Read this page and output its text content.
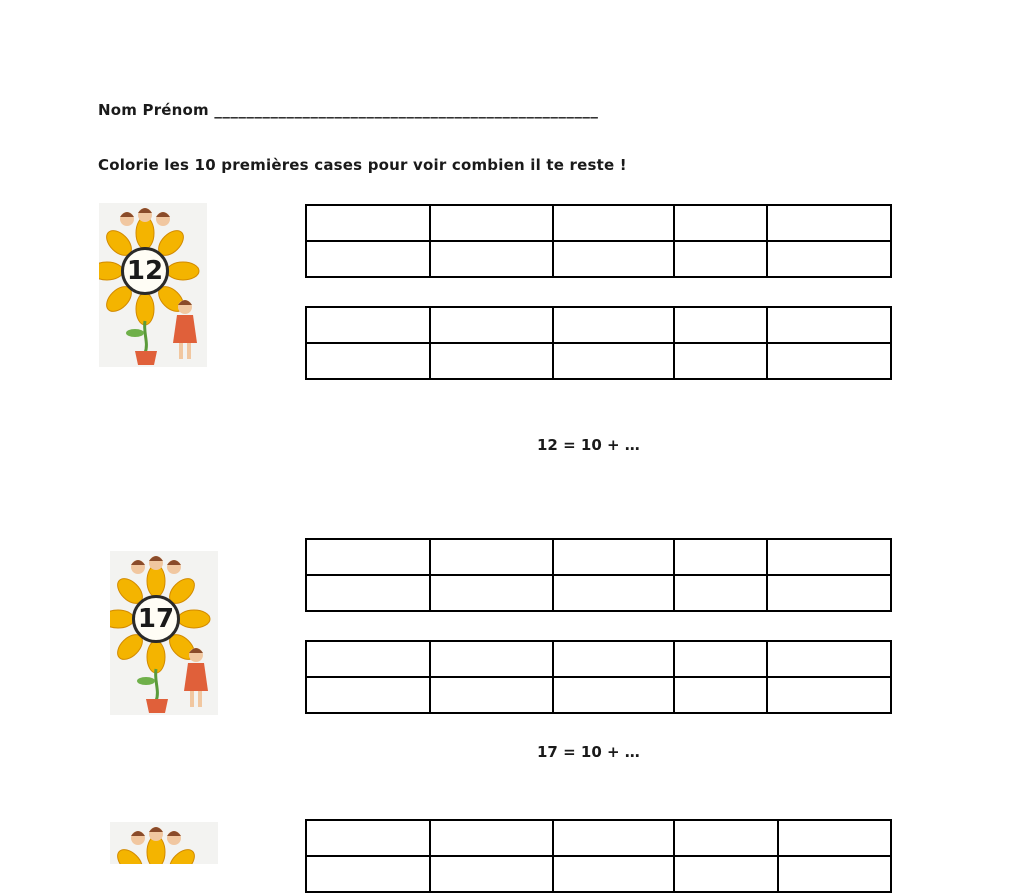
Nom Prénom ________________________________________________
Colorie les 10 premières cases pour voir combien il te reste !
12

12 = 10 + …
17

17 = 10 + …
